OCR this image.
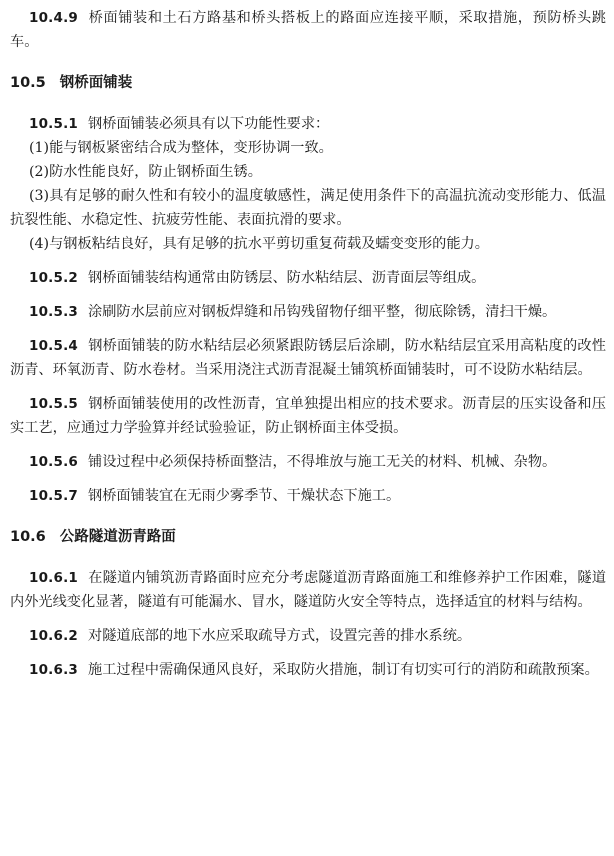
10.4.9 桥面铺装和土石方路基和桥头搭板上的路面应连接平顺，采取措施，预防桥头跳车。

10.5 钢桥面铺装

10.5.1 钢桥面铺装必须具有以下功能性要求：

(1)能与钢板紧密结合成为整体，变形协调一致。

(2)防水性能良好，防止钢桥面生锈。

(3)具有足够的耐久性和有较小的温度敏感性，满足使用条件下的高温抗流动变形能力、低温抗裂性能、水稳定性、抗疲劳性能、表面抗滑的要求。

(4)与钢板粘结良好，具有足够的抗水平剪切重复荷载及蠕变变形的能力。

10.5.2 钢桥面铺装结构通常由防锈层、防水粘结层、沥青面层等组成。

10.5.3 涂刷防水层前应对钢板焊缝和吊钩残留物仔细平整，彻底除锈，清扫干燥。

10.5.4 钢桥面铺装的防水粘结层必须紧跟防锈层后涂刷，防水粘结层宜采用高粘度的改性沥青、环氧沥青、防水卷材。当采用浇注式沥青混凝土铺筑桥面铺装时，可不设防水粘结层。

10.5.5 钢桥面铺装使用的改性沥青，宜单独提出相应的技术要求。沥青层的压实设备和压实工艺，应通过力学验算并经试验验证，防止钢桥面主体受损。

10.5.6 铺设过程中必须保持桥面整洁，不得堆放与施工无关的材料、机械、杂物。

10.5.7 钢桥面铺装宜在无雨少雾季节、干燥状态下施工。

10.6 公路隧道沥青路面

10.6.1 在隧道内铺筑沥青路面时应充分考虑隧道沥青路面施工和维修养护工作困难，隧道内外光线变化显著，隧道有可能漏水、冒水，隧道防火安全等特点，选择适宜的材料与结构。

10.6.2 对隧道底部的地下水应采取疏导方式，设置完善的排水系统。

10.6.3 施工过程中需确保通风良好，采取防火措施，制订有切实可行的消防和疏散预案。
